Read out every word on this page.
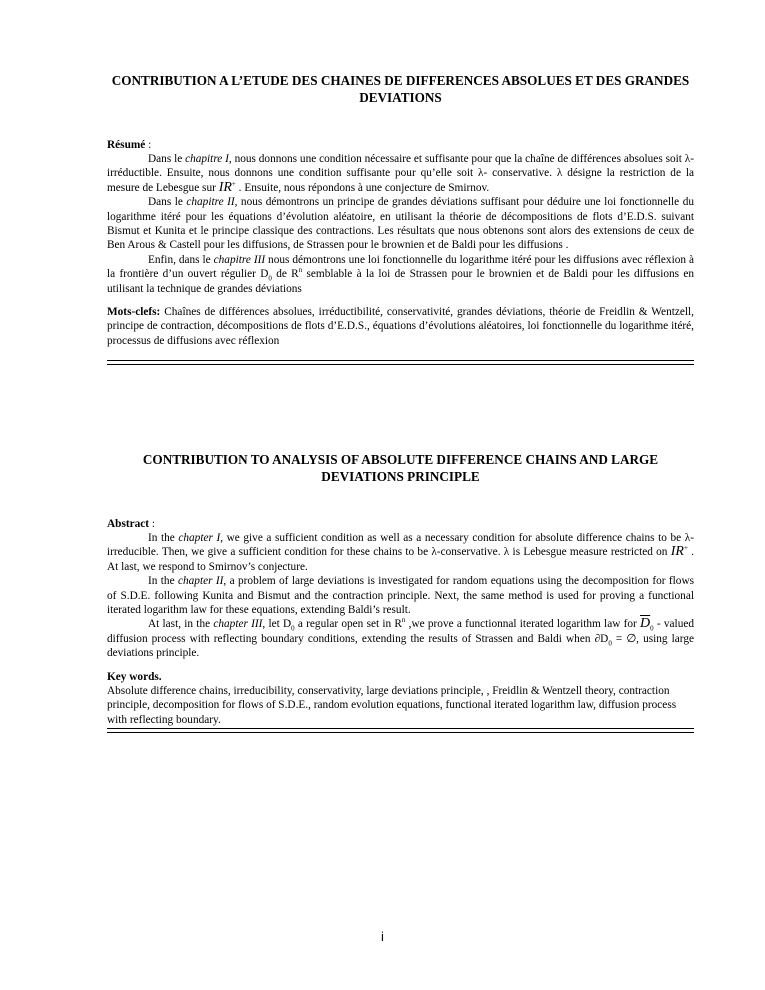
CONTRIBUTION A L’ETUDE DES CHAINES DE DIFFERENCES ABSOLUES ET DES GRANDES DEVIATIONS
Résumé :

Dans le chapitre I, nous donnons une condition nécessaire et suffisante pour que la chaîne de différences absolues soit λ- irréductible. Ensuite, nous donnons une condition suffisante pour qu’elle soit λ- conservative. λ désigne la restriction de la mesure de Lebesgue sur IR+ . Ensuite, nous répondons à une conjecture de Smirnov.

Dans le chapitre II, nous démontrons un principe de grandes déviations suffisant pour déduire une loi fonctionnelle du logarithme itéré pour les équations d’évolution aléatoire, en utilisant la théorie de décompositions de flots d’E.D.S. suivant Bismut et Kunita et le principe classique des contractions. Les résultats que nous obtenons sont alors des extensions de ceux de Ben Arous & Castell pour les diffusions, de Strassen pour le brownien et de Baldi pour les diffusions .

Enfin, dans le chapitre III nous démontrons une loi fonctionnelle du logarithme itéré pour les diffusions avec réflexion à la frontière d’un ouvert régulier $D_0$ de $R^n$ semblable à la loi de Strassen pour le brownien et de Baldi pour les diffusions en utilisant la technique de grandes déviations

Mots-clefs: Chaînes de différences absolues, irréductibilité, conservativité, grandes déviations, théorie de Freidlin & Wentzell, principe de contraction, décompositions de flots d’E.D.S., équations d’évolutions aléatoires, loi fonctionnelle du logarithme itéré, processus de diffusions avec réflexion

CONTRIBUTION TO ANALYSIS OF ABSOLUTE DIFFERENCE CHAINS AND LARGE DEVIATIONS PRINCIPLE
Abstract :

In the chapter I, we give a sufficient condition as well as a necessary condition for absolute difference chains to be λ-irreducible. Then, we give a sufficient condition for these chains to be λ-conservative. λ is Lebesgue measure restricted on IR+ . At last, we respond to Smirnov’s conjecture.

In the chapter II, a problem of large deviations is investigated for random equations using the decomposition for flows of S.D.E. following Kunita and Bismut and the contraction principle. Next, the same method is used for proving a functional iterated logarithm law for these equations, extending Baldi’s result.

At last, in the chapter III, let $D_0$ a regular open set in $R^n$ ,we prove a functionnal iterated logarithm law for $\overline{D}_0$ - valued diffusion process with reflecting boundary conditions, extending the results of Strassen and Baldi when $\partial D_0$ = ∅, using large deviations principle.

Key words.
Absolute difference chains, irreducibility, conservativity, large deviations principle, , Freidlin & Wentzell theory, contraction principle, decomposition for flows of S.D.E., random evolution equations, functional iterated logarithm law, diffusion process with reflecting boundary.
i
